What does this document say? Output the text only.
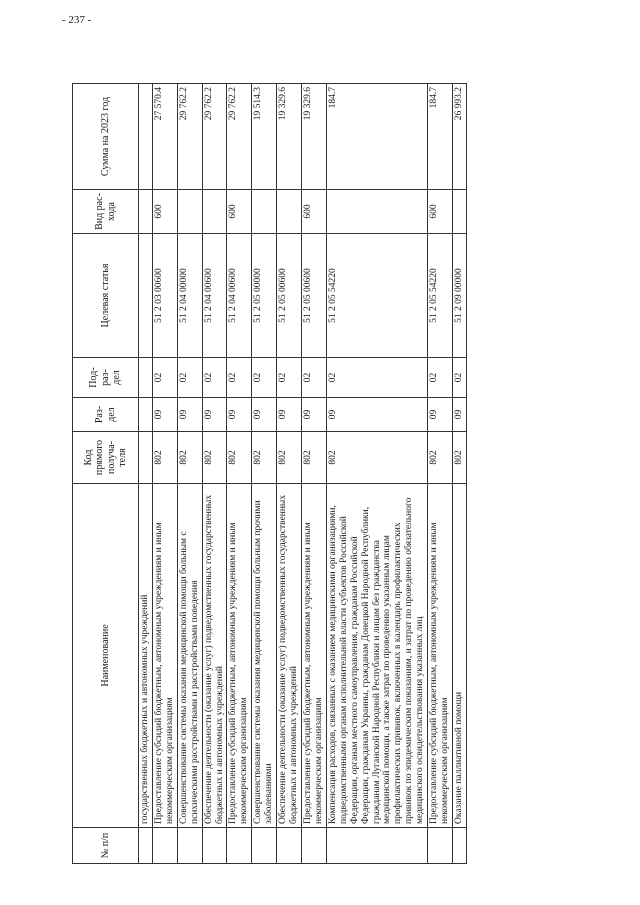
- 237 -
№ п/п	Наименование	Код прямого получа- теля	Раз- дел	Под- раз- дел	Целевая статья	Вид рас- хода	Сумма на 2023 год
	государственных бюджетных и автономных учреждений						
	Предоставление субсидий бюджетным, автономным учреждениям и иным некоммерческим организациям	802	09	02	51 2 03 00600	600	27 570.4
	Совершенствование системы оказания медицинской помощи больным с психическими расстройствами и расстройствами поведения	802	09	02	51 2 04 00000		29 762.2
	Обеспечение деятельности (оказание услуг) подведомственных государственных бюджетных и автономных учреждений	802	09	02	51 2 04 00600		29 762.2
	Предоставление субсидий бюджетным, автономным учреждениям и иным некоммерческим организациям	802	09	02	51 2 04 00600	600	29 762.2
	Совершенствование системы оказания медицинской помощи больным прочими заболеваниями	802	09	02	51 2 05 00000		19 514.3
	Обеспечение деятельности (оказание услуг) подведомственных государственных бюджетных и автономных учреждений	802	09	02	51 2 05 00600		19 329.6
	Предоставление субсидий бюджетным, автономным учреждениям и иным некоммерческим организациям	802	09	02	51 2 05 00600	600	19 329.6
	Компенсация расходов, связанных с оказанием медицинскими организациями, подведомственными органам исполнительной власти субъектов Российской Федерации, органам местного самоуправления, гражданам Российской Федерации, гражданам Украины, гражданам Донецкой Народной Республики, гражданам Луганской Народной Республики и лицам без гражданства медицинской помощи, а также затрат по проведению указанным лицам профилактических прививок, включенных в календарь профилактических прививок по эпидемическим показаниям, и затрат по проведению обязательного медицинского освидетельствования указанных лиц	802	09	02	51 2 05 54220		184.7
	Предоставление субсидий бюджетным, автономным учреждениям и иным некоммерческим организациям	802	09	02	51 2 05 54220	600	184.7
	Оказание паллиативной помощи	802	09	02	51 2 09 00000		26 993.2
